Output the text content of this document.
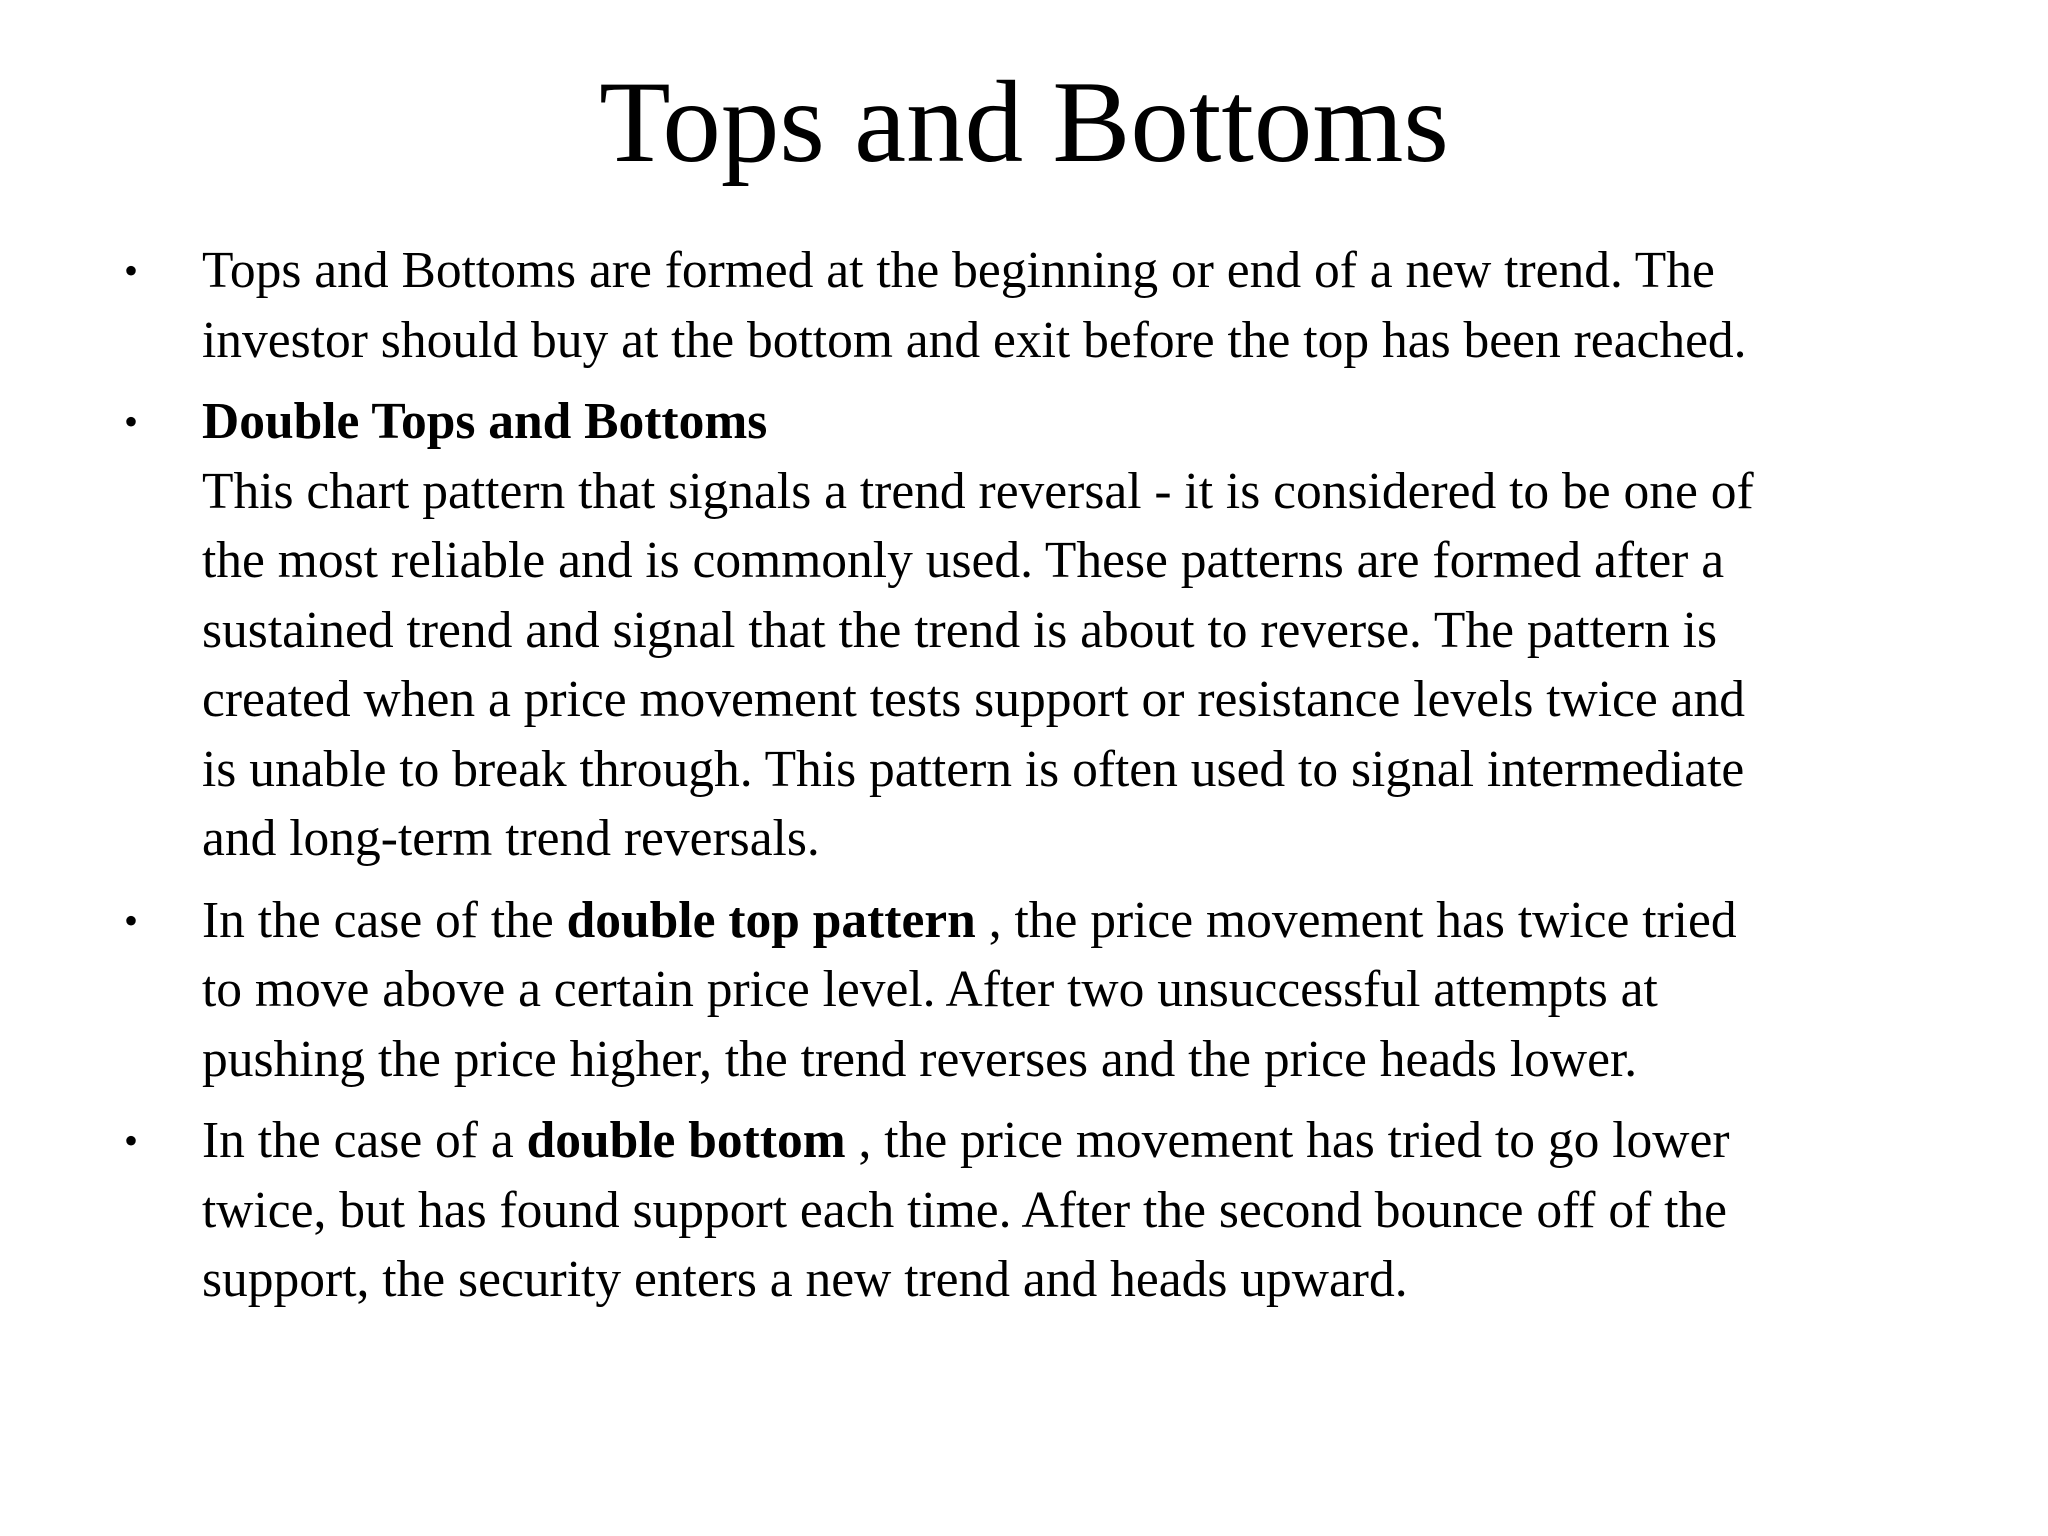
Tops and Bottoms
• Tops and Bottoms are formed at the beginning or end of a new trend. The
investor should buy at the bottom and exit before the top has been reached.
• Double Tops and Bottoms
This chart pattern that signals a trend reversal - it is considered to be one of
the most reliable and is commonly used. These patterns are formed after a
sustained trend and signal that the trend is about to reverse. The pattern is
created when a price movement tests support or resistance levels twice and
is unable to break through. This pattern is often used to signal intermediate
and long-term trend reversals.
• In the case of the double top pattern , the price movement has twice tried
to move above a certain price level. After two unsuccessful attempts at
pushing the price higher, the trend reverses and the price heads lower.
• In the case of a double bottom , the price movement has tried to go lower
twice, but has found support each time. After the second bounce off of the
support, the security enters a new trend and heads upward.
